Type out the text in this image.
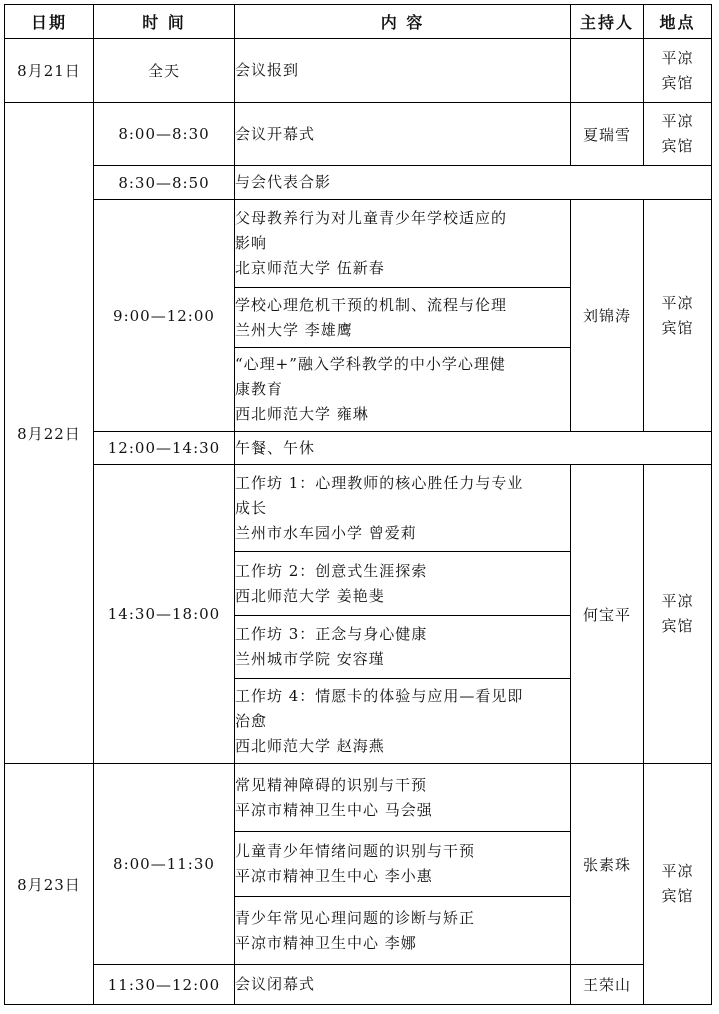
日期	时 间	内 容	主持人	地点
8月21日	全天	会议报到		平凉
宾馆

8月22日	8:00—8:30	会议开幕式	夏瑞雪	平凉
宾馆

	8:30—8:50	与会代表合影		
	9:00—12:00	父母教养行为对儿童青少年学校适应的
影响
北京师范大学 伍新春	刘锦涛	平凉
宾馆

		学校心理危机干预的机制、流程与伦理
兰州大学 李雄鹰		

		“心理+”融入学科教学的中小学心理健
康教育
西北师范大学 雍琳		

	12:00—14:30	午餐、午休		
	14:30—18:00	工作坊 1：心理教师的核心胜任力与专业
成长
兰州市水车园小学 曾爱莉	何宝平	平凉
宾馆

		工作坊 2：创意式生涯探索
西北师范大学 姜艳斐		

		工作坊 3：正念与身心健康
兰州城市学院 安容瑾		

		工作坊 4：情愿卡的体验与应用—看见即
治愈
西北师范大学 赵海燕		

8月23日	8:00—11:30	常见精神障碍的识别与干预
平凉市精神卫生中心 马会强	张素珠	平凉
宾馆

		儿童青少年情绪问题的识别与干预
平凉市精神卫生中心 李小惠		

		青少年常见心理问题的诊断与矫正
平凉市精神卫生中心 李娜		

	11:30—12:00	会议闭幕式	王荣山	
